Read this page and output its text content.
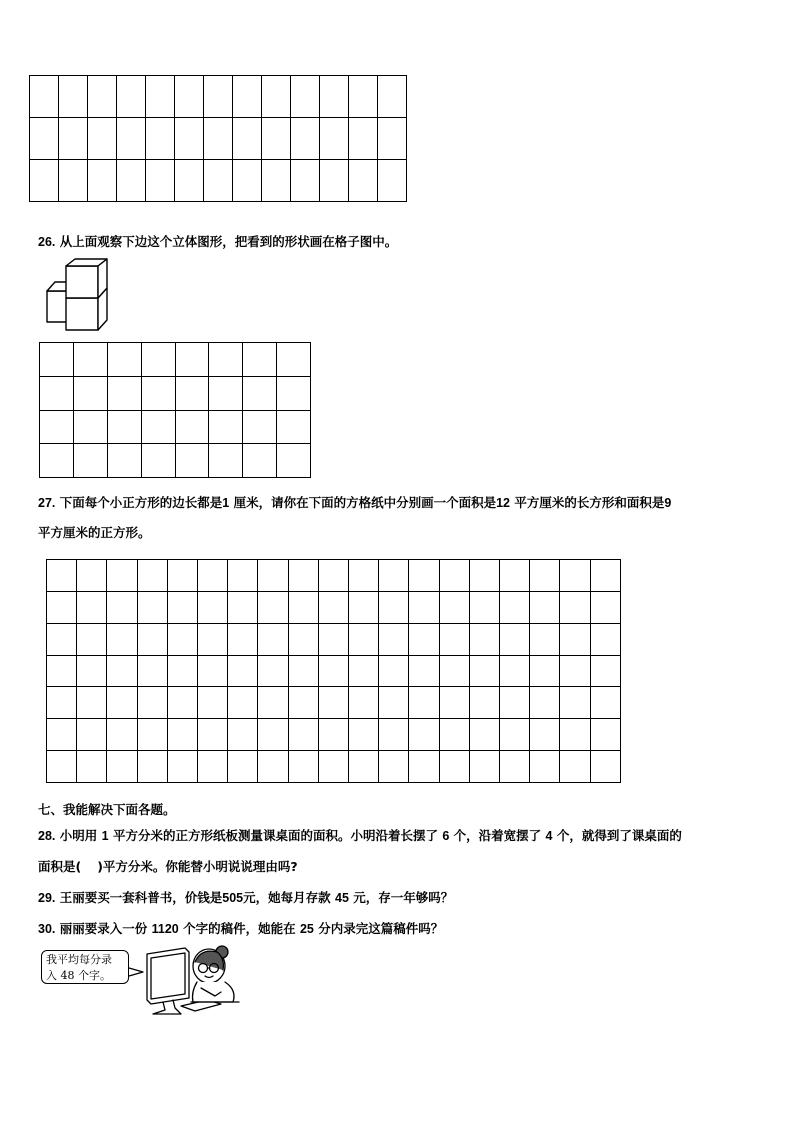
26. 从上面观察下边这个立体图形，把看到的形状画在格子图中。

27. 下面每个小正方形的边长都是1 厘米，请你在下面的方格纸中分别画一个面积是12 平方厘米的长方形和面积是9
平方厘米的正方形。

七、我能解决下面各题。
28. 小明用 1 平方分米的正方形纸板测量课桌面的面积。小明沿着长摆了 6 个，沿着宽摆了 4 个，就得到了课桌面的
面积是( )平方分米。你能替小明说说理由吗?
29. 王丽要买一套科普书，价钱是505元，她每月存款 45 元，存一年够吗？
30. 丽丽要录入一份 1120 个字的稿件，她能在 25 分内录完这篇稿件吗？
我平均每分录
入 48 个字。
